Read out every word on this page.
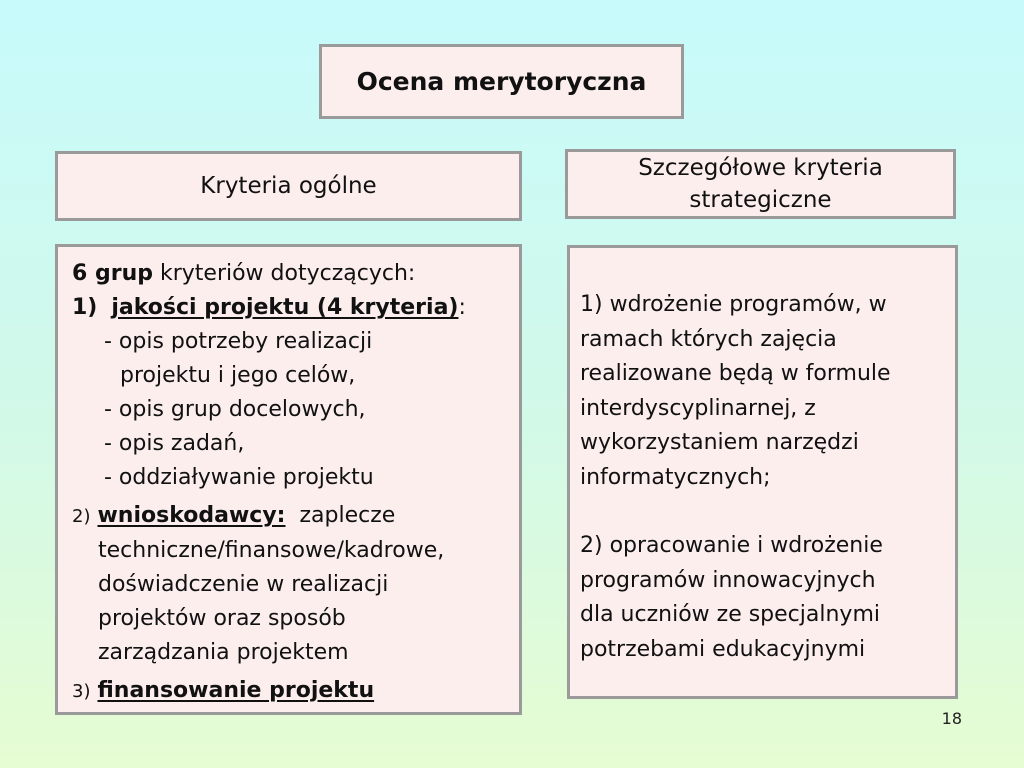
Ocena merytoryczna
Kryteria ogólne
Szczegółowe kryteria
strategiczne
6 grup kryteriów dotyczących:
1) jakości projektu (4 kryteria):
- opis potrzeby realizacji
projektu i jego celów,
- opis grup docelowych,
- opis zadań,
- oddziaływanie projektu
2) wnioskodawcy: zaplecze
techniczne/finansowe/kadrowe,
doświadczenie w realizacji
projektów oraz sposób
zarządzania projektem
3) finansowanie projektu
1) wdrożenie programów, w
ramach których zajęcia
realizowane będą w formule
interdyscyplinarnej, z
wykorzystaniem narzędzi
informatycznych;
2) opracowanie i wdrożenie
programów innowacyjnych
dla uczniów ze specjalnymi
potrzebami edukacyjnymi
18
